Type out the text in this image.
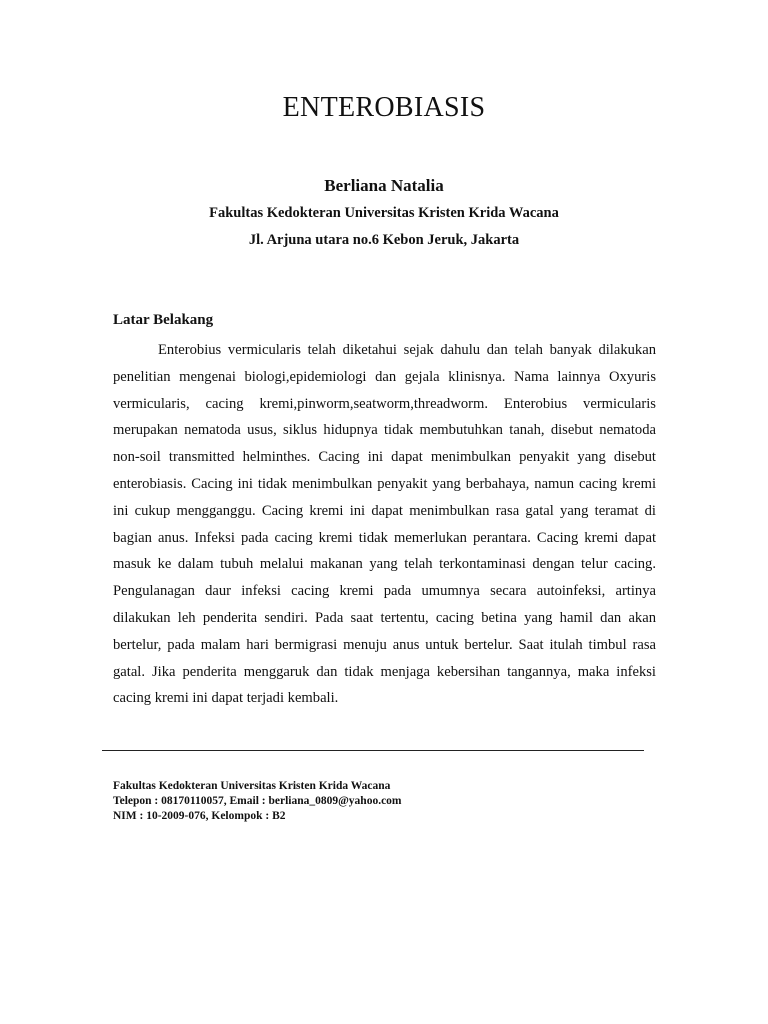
ENTEROBIASIS
Berliana Natalia
Fakultas Kedokteran Universitas Kristen Krida Wacana
Jl. Arjuna utara no.6 Kebon Jeruk, Jakarta
Latar Belakang

Enterobius vermicularis telah diketahui sejak dahulu dan telah banyak dilakukan penelitian mengenai biologi,epidemiologi dan gejala klinisnya. Nama lainnya Oxyuris vermicularis, cacing kremi,pinworm,seatworm,threadworm. Enterobius vermicularis merupakan nematoda usus, siklus hidupnya tidak membutuhkan tanah, disebut nematoda non-soil transmitted helminthes. Cacing ini dapat menimbulkan penyakit yang disebut enterobiasis. Cacing ini tidak menimbulkan penyakit yang berbahaya, namun cacing kremi ini cukup mengganggu. Cacing kremi ini dapat menimbulkan rasa gatal yang teramat di bagian anus. Infeksi pada cacing kremi tidak memerlukan perantara. Cacing kremi dapat masuk ke dalam tubuh melalui makanan yang telah terkontaminasi dengan telur cacing. Pengulanagan daur infeksi cacing kremi pada umumnya secara autoinfeksi, artinya dilakukan leh penderita sendiri. Pada saat tertentu, cacing betina yang hamil dan akan bertelur, pada malam hari bermigrasi menuju anus untuk bertelur. Saat itulah timbul rasa gatal. Jika penderita menggaruk dan tidak menjaga kebersihan tangannya, maka infeksi cacing kremi ini dapat terjadi kembali.

Fakultas Kedokteran Universitas Kristen Krida Wacana
Telepon : 08170110057, Email : berliana_0809@yahoo.com
NIM : 10-2009-076, Kelompok : B2
